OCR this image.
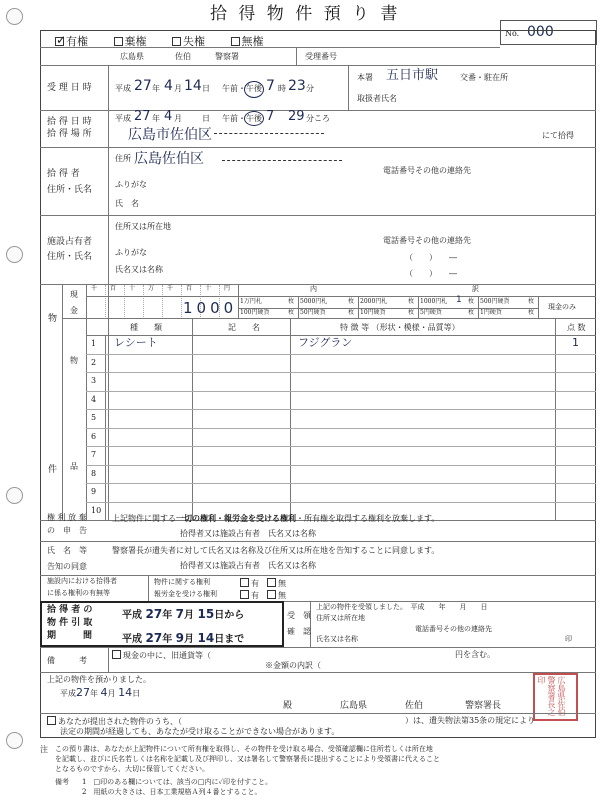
拾 得 物 件 預 り 書
No. 000
✓ 有権	棄権	失権	無権
広島県	佐伯	警察署	受理番号
受 理 日 時	平成 27 年 4 月 14 日 午前・午後 7 時 23 分
本署 五日市駅	交番・駐在所
取扱者氏名
拾 得 日 時
拾 得 場 所
平成 27 年 4 月	日 午前・午後 7 29 分ころ
広島市佐伯区	にて拾得
拾 得 者
住所・氏名
住所 広島佐伯区
ふりがな
氏　名
電話番号その他の連絡先
施設占有者
住所・氏名
住所又は所在地
ふりがな
氏名又は名称
電話番号その他の連絡先
（　　）　　―
（　　）　　―
物
件
現
金
千 百 十 万 千 百 十 円
1000
内	訳
1万円札	枚 5000円札	枚 2000円札	枚 1000円札 1 枚 500円硬貨	枚
100円硬貨	枚 50円硬貨	枚 10円硬貨	枚 5円硬貨	枚 1円硬貨	枚
現金のみ
物
品
種　　類	記　　名	特 徴 等 （形状・模様・品質等）	点 数
1 レシート	フジグラン	1
2
3
4
5
6
7
8
9
10
権 利 放 棄
の　申　告
上記物件に関する一切の権利・報労金を受ける権利・所有権を取得する権利を放棄します。
拾得者又は施設占有者　氏名又は名称
氏　名　等
告知の同意
警察署長が遺失者に対して氏名又は名称及び住所又は所在地を告知することに同意します。
拾得者又は施設占有者　氏名又は名称
施設内における拾得者
に係る権利の有無等
物件に関する権利
報労金を受ける権利
有　 無
有　 無
拾 得 者 の
物 件 引 取
期　　　間
平成 27年 7月 15日から
平成 27年 9月 14日まで
受　領
確　認
上記の物件を受領しました。　平成　　年　　月　　日
住所又は所在地
電話番号その他の連絡先
氏名又は名称	印
備　　　考
現金の中に、旧通貨等（	円を含む。
※金額の内訳（
上記の物件を預かりました。
平成27年 4月 14日
殿	広島県	佐伯	警察署長	広島県佐伯警察署長之印
あなたが提出された物件のうち、（	）は、遺失物法第35条の規定により
法定の期間が経過しても、あなたが受け取ることができない場合があります。
注 この預り書は、あなたが上記物件について所有権を取得し、その物件を受け取る場合、受領確認欄に住所若しくは所在地
を記載し、並びに氏名若しくは名称を記載し及び押印し、又は署名して警察署長に提出することにより受領書に代えること
となるものですから、大切に保管してください。
備考 1　□印のある欄については、該当の□内に✓印を付すこと。
2　用紙の大きさは、日本工業規格Ａ列４番とすること。
